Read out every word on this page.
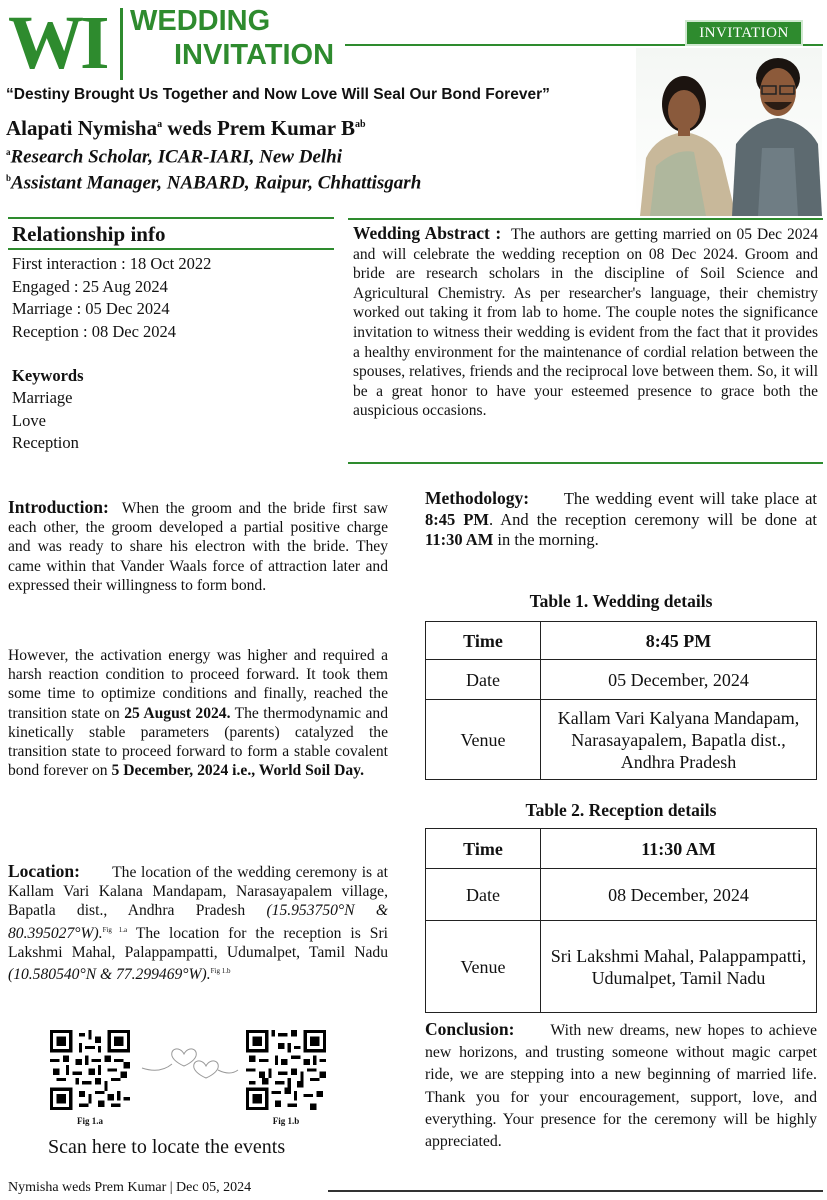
WI WEDDING
INVITATION
INVITATION
“Destiny Brought Us Together and Now Love Will Seal Our Bond Forever”
Alapati Nymisha$^a$ weds Prem Kumar $B^{ab}$
$^a$Research Scholar, ICAR-IARI, New Delhi
$^b$Assistant Manager, NABARD, Raipur, Chhattisgarh
Relationship info
First interaction : 18 Oct 2022
Engaged : 25 Aug 2024
Marriage : 05 Dec 2024
Reception : 08 Dec 2024
Keywords
Marriage
Love
Reception
Wedding Abstract : The authors are getting married on 05 Dec 2024 and will celebrate the wedding reception on 08 Dec 2024. Groom and bride are research scholars in the discipline of Soil Science and Agricultural Chemistry. As per researcher's language, their chemistry worked out taking it from lab to home. The couple notes the significance invitation to witness their wedding is evident from the fact that it provides a healthy environment for the maintenance of cordial relation between the spouses, relatives, friends and the reciprocal love between them. So, it will be a great honor to have your esteemed presence to grace both the auspicious occasions.
Introduction: When the groom and the bride first saw each other, the groom developed a partial positive charge and was ready to share his electron with the bride. They came within that Vander Waals force of attraction later and expressed their willingness to form bond.
However, the activation energy was higher and required a harsh reaction condition to proceed forward. It took them some time to optimize conditions and finally, reached the transition state on 25 August 2024. The thermodynamic and kinetically stable parameters (parents) catalyzed the transition state to proceed forward to form a stable covalent bond forever on 5 December, 2024 i.e., World Soil Day.
Location: The location of the wedding ceremony is at Kallam Vari Kalana Mandapam, Narasayapalem village, Bapatla dist., Andhra Pradesh (15.953750°N & 80.395027°W).$^{Fig 1.a}$ The location for the reception is Sri Lakshmi Mahal, Palappampatti, Udumalpet, Tamil Nadu (10.580540°N & 77.299469°W).$^{Fig 1.b}$
Fig 1.a	Fig 1.b
Scan here to locate the events
Methodology: The wedding event will take place at 8:45 PM. And the reception ceremony will be done at 11:30 AM in the morning.
Table 1. Wedding details
Time	8:45 PM
Date	05 December, 2024
Venue	Kallam Vari Kalyana Mandapam, Narasayapalem, Bapatla dist., Andhra Pradesh
Table 2. Reception details
Time	11:30 AM
Date	08 December, 2024
Venue	Sri Lakshmi Mahal, Palappampatti, Udumalpet, Tamil Nadu
Conclusion: With new dreams, new hopes to achieve new horizons, and trusting someone without magic carpet ride, we are stepping into a new beginning of married life. Thank you for your encouragement, support, love, and everything. Your presence for the ceremony will be highly appreciated.
Nymisha weds Prem Kumar | Dec 05, 2024
